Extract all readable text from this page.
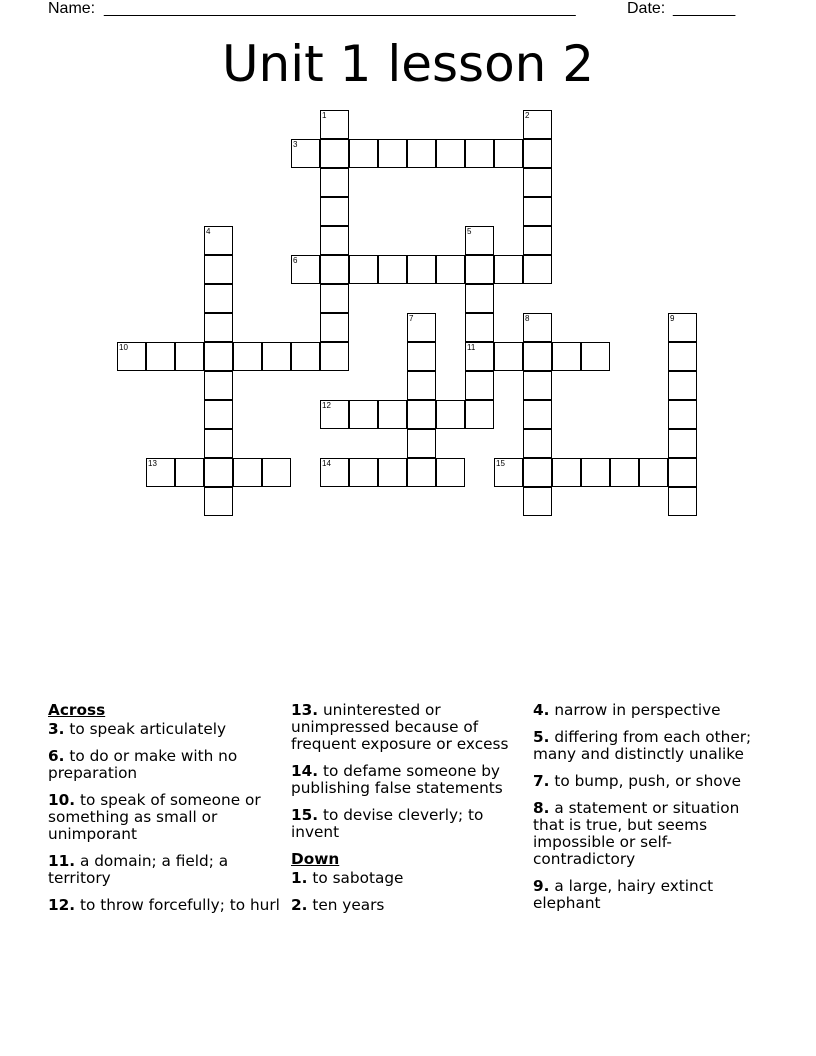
Name: _____________________________________________________	Date: _______
Unit 1 lesson 2
1	2
3
4	5
11
6
7	8	9
10
12
13	14	15
Across
3. to speak articulately
6. to do or make with no preparation
10. to speak of someone or something as small or unimporant
11. a domain; a field; a territory
12. to throw forcefully; to hurl
13. uninterested or unimpressed because of frequent exposure or excess
14. to defame someone by publishing false statements
15. to devise cleverly; to invent
Down
1. to sabotage
2. ten years
4. narrow in perspective
5. differing from each other; many and distinctly unalike
7. to bump, push, or shove
8. a statement or situation that is true, but seems impossible or self-contradictory
9. a large, hairy extinct elephant
